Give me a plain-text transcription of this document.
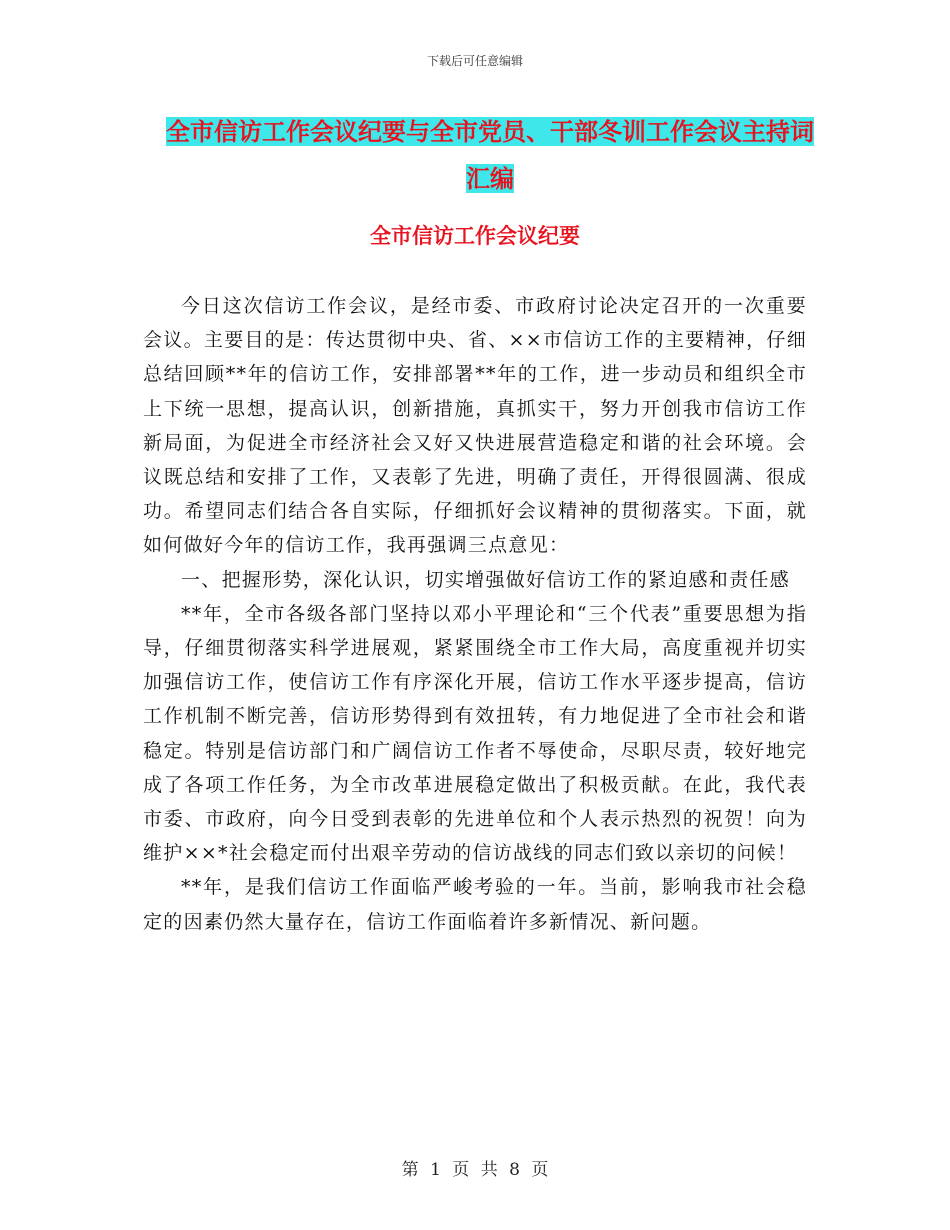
下载后可任意编辑
全市信访工作会议纪要与全市党员、干部冬训工作会议主持词汇编
全市信访工作会议纪要

今日这次信访工作会议，是经市委、市政府讨论决定召开的一次重要会议。主要目的是：传达贯彻中央、省、××市信访工作的主要精神，仔细总结回顾**年的信访工作，安排部署**年的工作，进一步动员和组织全市上下统一思想，提高认识，创新措施，真抓实干，努力开创我市信访工作新局面，为促进全市经济社会又好又快进展营造稳定和谐的社会环境。会议既总结和安排了工作，又表彰了先进，明确了责任，开得很圆满、很成功。希望同志们结合各自实际，仔细抓好会议精神的贯彻落实。下面，就如何做好今年的信访工作，我再强调三点意见：

一、把握形势，深化认识，切实增强做好信访工作的紧迫感和责任感

**年，全市各级各部门坚持以邓小平理论和“三个代表”重要思想为指导，仔细贯彻落实科学进展观，紧紧围绕全市工作大局，高度重视并切实加强信访工作，使信访工作有序深化开展，信访工作水平逐步提高，信访工作机制不断完善，信访形势得到有效扭转，有力地促进了全市社会和谐稳定。特别是信访部门和广阔信访工作者不辱使命，尽职尽责，较好地完成了各项工作任务，为全市改革进展稳定做出了积极贡献。在此，我代表市委、市政府，向今日受到表彰的先进单位和个人表示热烈的祝贺！向为维护××*社会稳定而付出艰辛劳动的信访战线的同志们致以亲切的问候！

**年，是我们信访工作面临严峻考验的一年。当前，影响我市社会稳定的因素仍然大量存在，信访工作面临着许多新情况、新问题。

第 1 页 共 8 页
